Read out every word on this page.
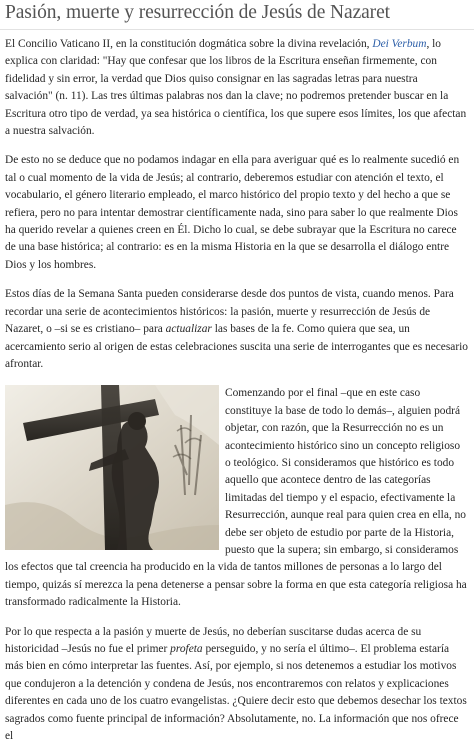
Pasión, muerte y resurrección de Jesús de Nazaret

El Concilio Vaticano II, en la constitución dogmática sobre la divina revelación, Dei Verbum, lo explica con claridad: "Hay que confesar que los libros de la Escritura enseñan firmemente, con fidelidad y sin error, la verdad que Dios quiso consignar en las sagradas letras para nuestra salvación" (n. 11). Las tres últimas palabras nos dan la clave; no podremos pretender buscar en la Escritura otro tipo de verdad, ya sea histórica o científica, los que supere esos límites, los que afectan a nuestra salvación.

De esto no se deduce que no podamos indagar en ella para averiguar qué es lo realmente sucedió en tal o cual momento de la vida de Jesús; al contrario, deberemos estudiar con atención el texto, el vocabulario, el género literario empleado, el marco histórico del propio texto y del hecho a que se refiera, pero no para intentar demostrar científicamente nada, sino para saber lo que realmente Dios ha querido revelar a quienes creen en Él. Dicho lo cual, se debe subrayar que la Escritura no carece de una base histórica; al contrario: es en la misma Historia en la que se desarrolla el diálogo entre Dios y los hombres.

Estos días de la Semana Santa pueden considerarse desde dos puntos de vista, cuando menos. Para recordar una serie de acontecimientos históricos: la pasión, muerte y resurrección de Jesús de Nazaret, o –si se es cristiano– para actualizar las bases de la fe. Como quiera que sea, un acercamiento serio al origen de estas celebraciones suscita una serie de interrogantes que es necesario afrontar.

Comenzando por el final –que en este caso constituye la base de todo lo demás–, alguien podrá objetar, con razón, que la Resurrección no es un acontecimiento histórico sino un concepto religioso o teológico. Si consideramos que histórico es todo aquello que acontece dentro de las categorías limitadas del tiempo y el espacio, efectivamente la Resurrección, aunque real para quien crea en ella, no debe ser objeto de estudio por parte de la Historia, puesto que la supera; sin embargo, si consideramos los efectos que tal creencia ha producido en la vida de tantos millones de personas a lo largo del tiempo, quizás sí merezca la pena detenerse a pensar sobre la forma en que esta categoría religiosa ha transformado radicalmente la Historia.

Por lo que respecta a la pasión y muerte de Jesús, no deberían suscitarse dudas acerca de su historicidad –Jesús no fue el primer profeta perseguido, y no sería el último–. El problema estaría más bien en cómo interpretar las fuentes. Así, por ejemplo, si nos detenemos a estudiar los motivos que condujeron a la detención y condena de Jesús, nos encontraremos con relatos y explicaciones diferentes en cada uno de los cuatro evangelistas. ¿Quiere decir esto que debemos desechar los textos sagrados como fuente principal de información? Absolutamente, no. La información que nos ofrece el
